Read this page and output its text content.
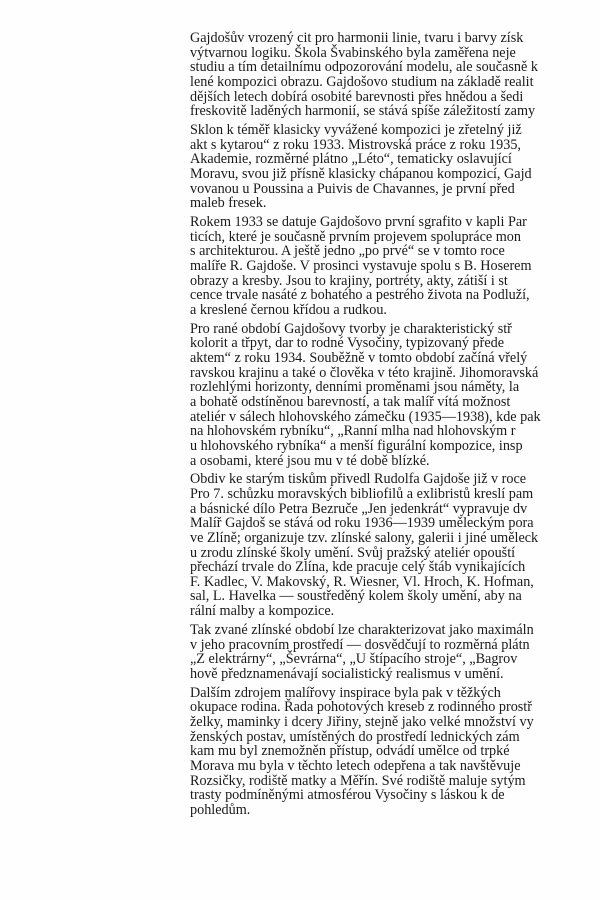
Gajdošův vrozený cit pro harmonii linie, tvaru i barvy získ
výtvarnou logiku. Škola Švabinského byla zaměřena neje
studiu a tím detailnímu odpozorování modelu, ale současně k
lené kompozici obrazu. Gajdošovo studium na základě realit
dějších letech dobírá osobité barevnosti přes hnědou a šedi
freskovitě laděných harmonií, se stává spíše záležitostí zamy
Sklon k téměř klasicky vyvážené kompozici je zřetelný již
akt s kytarou“ z roku 1933. Mistrovská práce z roku 1935,
Akademie, rozměrné plátno „Léto“, tematicky oslavující
Moravu, svou již přísně klasicky chápanou kompozicí, Gajd
vovanou u Poussina a Puivis de Chavannes, je první před
maleb fresek.
Rokem 1933 se datuje Gajdošovo první sgrafito v kapli Par
ticích, které je současně prvním projevem spolupráce mon
s architekturou. A ještě jedno „po prvé“ se v tomto roce
malíře R. Gajdoše. V prosinci vystavuje spolu s B. Hoserem
obrazy a kresby. Jsou to krajiny, portréty, akty, zátiší i st
cence trvale nasáté z bohatého a pestrého života na Podluží,
a kreslené černou křídou a rudkou.
Pro rané období Gajdošovy tvorby je charakteristický stř
kolorit a třpyt, dar to rodné Vysočiny, typizovaný přede
aktem“ z roku 1934. Souběžně v tomto období začíná vřelý
ravskou krajinu a také o člověka v této krajině. Jihomoravská
rozlehlými horizonty, denními proměnami jsou náměty, la
a bohatě odstíněnou barevností, a tak malíř vítá možnost
ateliér v sálech hlohovského zámečku (1935—1938), kde pak
na hlohovském rybníku“, „Ranní mlha nad hlohovským r
u hlohovského rybníka“ a menší figurální kompozice, insp
a osobami, které jsou mu v té době blízké.
Obdiv ke starým tiskům přivedl Rudolfa Gajdoše již v roce
Pro 7. schůzku moravských bibliofilů a exlibristů kreslí pam
a básnické dílo Petra Bezruče „Jen jedenkrát“ vypravuje dv
Malíř Gajdoš se stává od roku 1936—1939 uměleckým pora
ve Zlíně; organizuje tzv. zlínské salony, galerii i jiné uměleck
u zrodu zlínské školy umění. Svůj pražský ateliér opouští
přechází trvale do Zlína, kde pracuje celý štáb vynikajících
F. Kadlec, V. Makovský, R. Wiesner, Vl. Hroch, K. Hofman,
sal, L. Havelka — soustředěný kolem školy umění, aby na
rální malby a kompozice.
Tak zvané zlínské období lze charakterizovat jako maximáln
v jeho pracovním prostředí — dosvědčují to rozměrná plátn
„Z elektrárny“, „Ševrárna“, „U štípacího stroje“, „Bagrov
hově předznamenávají socialistický realismus v umění.
Dalším zdrojem malířovy inspirace byla pak v těžkých
okupace rodina. Řada pohotových kreseb z rodinného prostř
želky, maminky i dcery Jiřiny, stejně jako velké množství vy
ženských postav, umístěných do prostředí lednických zám
kam mu byl znemožněn přístup, odvádí umělce od trpké
Morava mu byla v těchto letech odepřena a tak navštěvuje
Rozsičky, rodiště matky a Měřín. Své rodiště maluje sytým
trasty podmíněnými atmosférou Vysočiny s láskou k de
pohledům.
